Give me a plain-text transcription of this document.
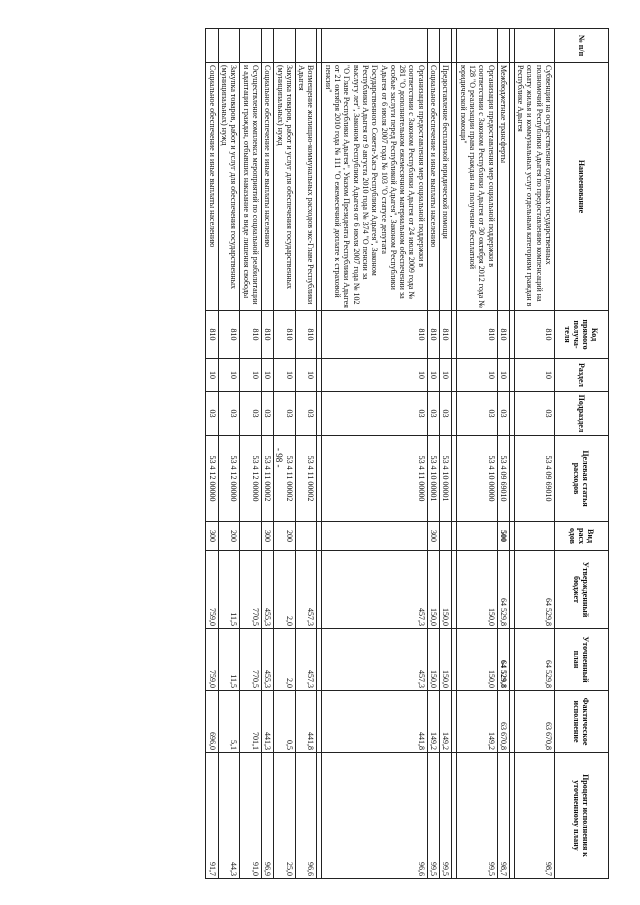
- 98 -
№ п/п	Наименование	Код прямого получа-теля	Раздел	Подраздел	Целевая статья расходов	Вид расх одов	Утвержденный бюджет	Уточненный план	Фактическое исполнение	Процент исполнения к уточненному плану
	Субвенции на осуществление отдельных государственных полномочий Республики Адыгея по предоставлению компенсаций на оплату жилья и коммунальных услуг отдельным категориям граждан в Республике Адыгея	810	10	03	53 4 09 69010		64 529,8	64 529,8	63 670,8	98,7

	Межбюджетные трансферты	810	10	03	53 4 09 69010	500	64 529,8	64 529,8	63 670,8	98,7
	Организация предоставления мер социальной поддержки в соответствии с Законом Республики Адыгея от 30 октября 2012 года № 128 "О реализации права граждан на получение бесплатной юридической помощи"	810	10	03	53 4 10 00000		150,0	150,0	149,2	99,5

	Предоставление бесплатной юридической помощи	810	10	03	53 4 10 00001		150,0	150,0	149,2	99,5
	Социальное обеспечение и иные выплаты населению	810	10	03	53 4 10 00001	300	150,0	150,0	149,2	99,5
	Организация предоставления мер социальной поддержки в соответствии с Законом Республики Адыгея от 24 июля 2009 года № 281 "О дополнительном ежемесячном материальном обеспечении за особые заслуги перед Республикой Адыгея", Законом Республики Адыгея от 6 июля 2007 года № 103 "О статусе депутата Государственного Совета-Хасэ Республики Адыгея", Законом Республики Адыгея от 9 августа 2010 года № 374 "О пенсии за выслугу лет", Законом Республики Адыгея от 6 июля 2007 года № 102 "О Главе Республики Адыгея", Указом Президента Республики Адыгея от 21 октября 2010 года № 111 "О ежемесячной доплате к страховой пенсии"	810	10	03	53 4 11 00000		457,3	457,3	441,8	96,6

	Возмещение жилищно-коммунальных расходов экс-Главе Республики Адыгея	810	10	03	53 4 11 00002		457,3	457,3	441,8	96,6
	Закупка товаров, работ и услуг для обеспечения государственных (муниципальных) нужд	810	10	03	53 4 11 00002	200	2,0	2,0	0,5	25,0
	Социальное обеспечение и иные выплаты населению	810	10	03	53 4 11 00002	300	455,3	455,3	441,3	96,9
	Осуществление комплекса мероприятий по социальной реабилитации и адаптации граждан, отбывших наказание в виде лишения свободы	810	10	03	53 4 12 00000		770,5	770,5	701,1	91,0
	Закупка товаров, работ и услуг для обеспечения государственных (муниципальных) нужд	810	10	03	53 4 12 00000	200	11,5	11,5	5,1	44,3
	Социальное обеспечение и иные выплаты населению	810	10	03	53 4 12 00000	300	759,0	759,0	696,0	91,7
